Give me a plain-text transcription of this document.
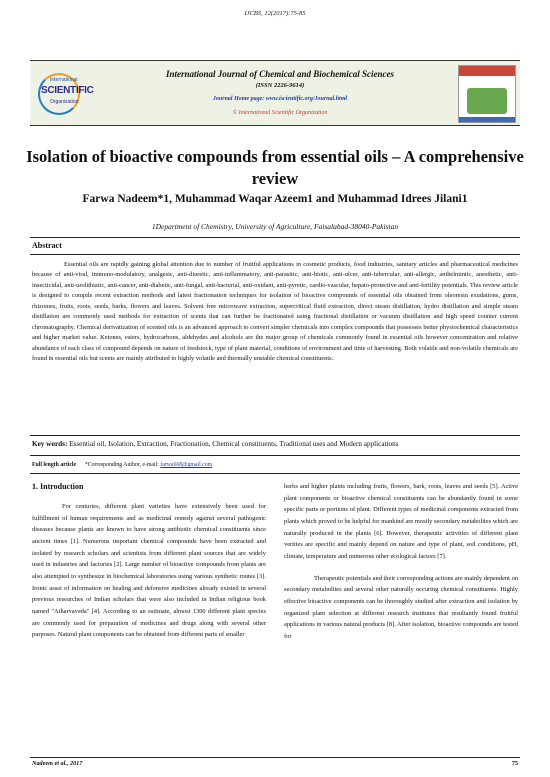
IJCBS, 12(2017):75-85
International
SCIENTIFIC
Organization
International Journal of Chemical and Biochemical Sciences
(ISSN 2226-9614)
Journal Home page: www.iscientific.org/Journal.html
© International Scientific Organization
Isolation of bioactive compounds from essential oils – A comprehensive review
Farwa Nadeem*1, Muhammad Waqar Azeem1 and Muhammad Idrees Jilani1
1Department of Chemistry, University of Agriculture, Faisalabad-38040-Pakistan
Abstract
Essential oils are rapidly gaining global attention due to number of fruitful applications in cosmetic products, food industries, sanitary articles and pharmaceutical medicines because of anti-viral, immuno-modulatory, analgesic, anti-diuretic, anti-inflammatory, anti-parasitic, anti-biotic, anti-ulcer, anti-tubercular, anti-allergic, anthelmintic, anesthetic, anti-insecticidal, anti-urolithiatic, anti-cancer, anti-diabetic, anti-fungal, anti-bacterial, anti-oxidant, anti-pyretic, cardio-vascular, hepato-protective and anti-fertility potentials. This review article is designed to compile recent extraction methods and latest fractionation techniques for isolation of bioactive compounds of essential oils obtained from oleoresin exudations, gums, rhizomes, fruits, roots, seeds, barks, flowers and leaves. Solvent free microwave extraction, supercritical fluid extraction, direct steam distillation, hydro distillation and simple steam distillation are commonly used methods for extraction of scents that can further be fractionated using fractional distillation or vacuum distillation and high speed counter current chromatography. Chemical derivatization of scented oils is an advanced approach to convert simpler chemicals into complex compounds that possesses better physiochemical characteristics and higher market value. Ketones, esters, hydrocarbons, aldehydes and alcohols are the major group of chemicals commonly found in essential oils however concentration and relative abundance of each class of compound depends on nature of feedstock, type of plant material, conditions of environment and time of harvesting. Both volatile and non-volatile chemicals are found in essential oils but scents are mainly attributed to highly volatile and thermally unstable chemical constituents.
Key words: Essential oil, Isolation, Extraction, Fractionation, Chemical constituents, Traditional uses and Modern applications
Full length article *Corresponding Author, e-mail: farwa668@gmail.com
1. Introduction

For centuries, different plant varieties have extensively been used for fulfillment of human requirements and as medicinal remedy against several pathogenic diseases because plants are known to have strong antibiotic chemical constituents since ancient times [1]. Numerous important chemical compounds have been extracted and isolated by research scholars and scientists from different plant sources that are widely used in industries and factories [2]. Large number of bioactive compounds from plants are also attempted to synthesize in biochemical laboratories using various synthetic routes [3]. Ironic asset of information on healing and defensive medicines already existed in several previous researches of Indian scholars that were also included in Indian religious book named "Atharvaveda" [4]. According to an estimate, almost 1300 different plant species are commonly used for preparation of medicines and drugs along with several other purposes. Natural plant components can be obtained from different parts of smaller

herbs and higher plants including fruits, flowers, bark, roots, leaves and seeds [5]. Active plant components or bioactive chemical constituents can be abundantly found in some specific parts or portions of plant. Different types of medicinal components extracted from plants which proved to be helpful for mankind are mostly secondary metabolites which are naturally produced in the plants [6]. However, therapeutic activities of different plant verities are specific and mainly depend on nature and type of plant, soil conditions, pH, climate, temperature and numerous other ecological factors [7].

Therapeutic potentials and their corresponding actions are mainly dependent on secondary metabolites and several other naturally occuring chemical constituents. Highly effective bioactive components can be thoroughly studied after extraction and isolation by organized plant selection at different research institutes that resultantly found fruitful applications in various natural products [8]. After isolation, bioactive compounds are tested for

Nadeem et al., 2017	75
